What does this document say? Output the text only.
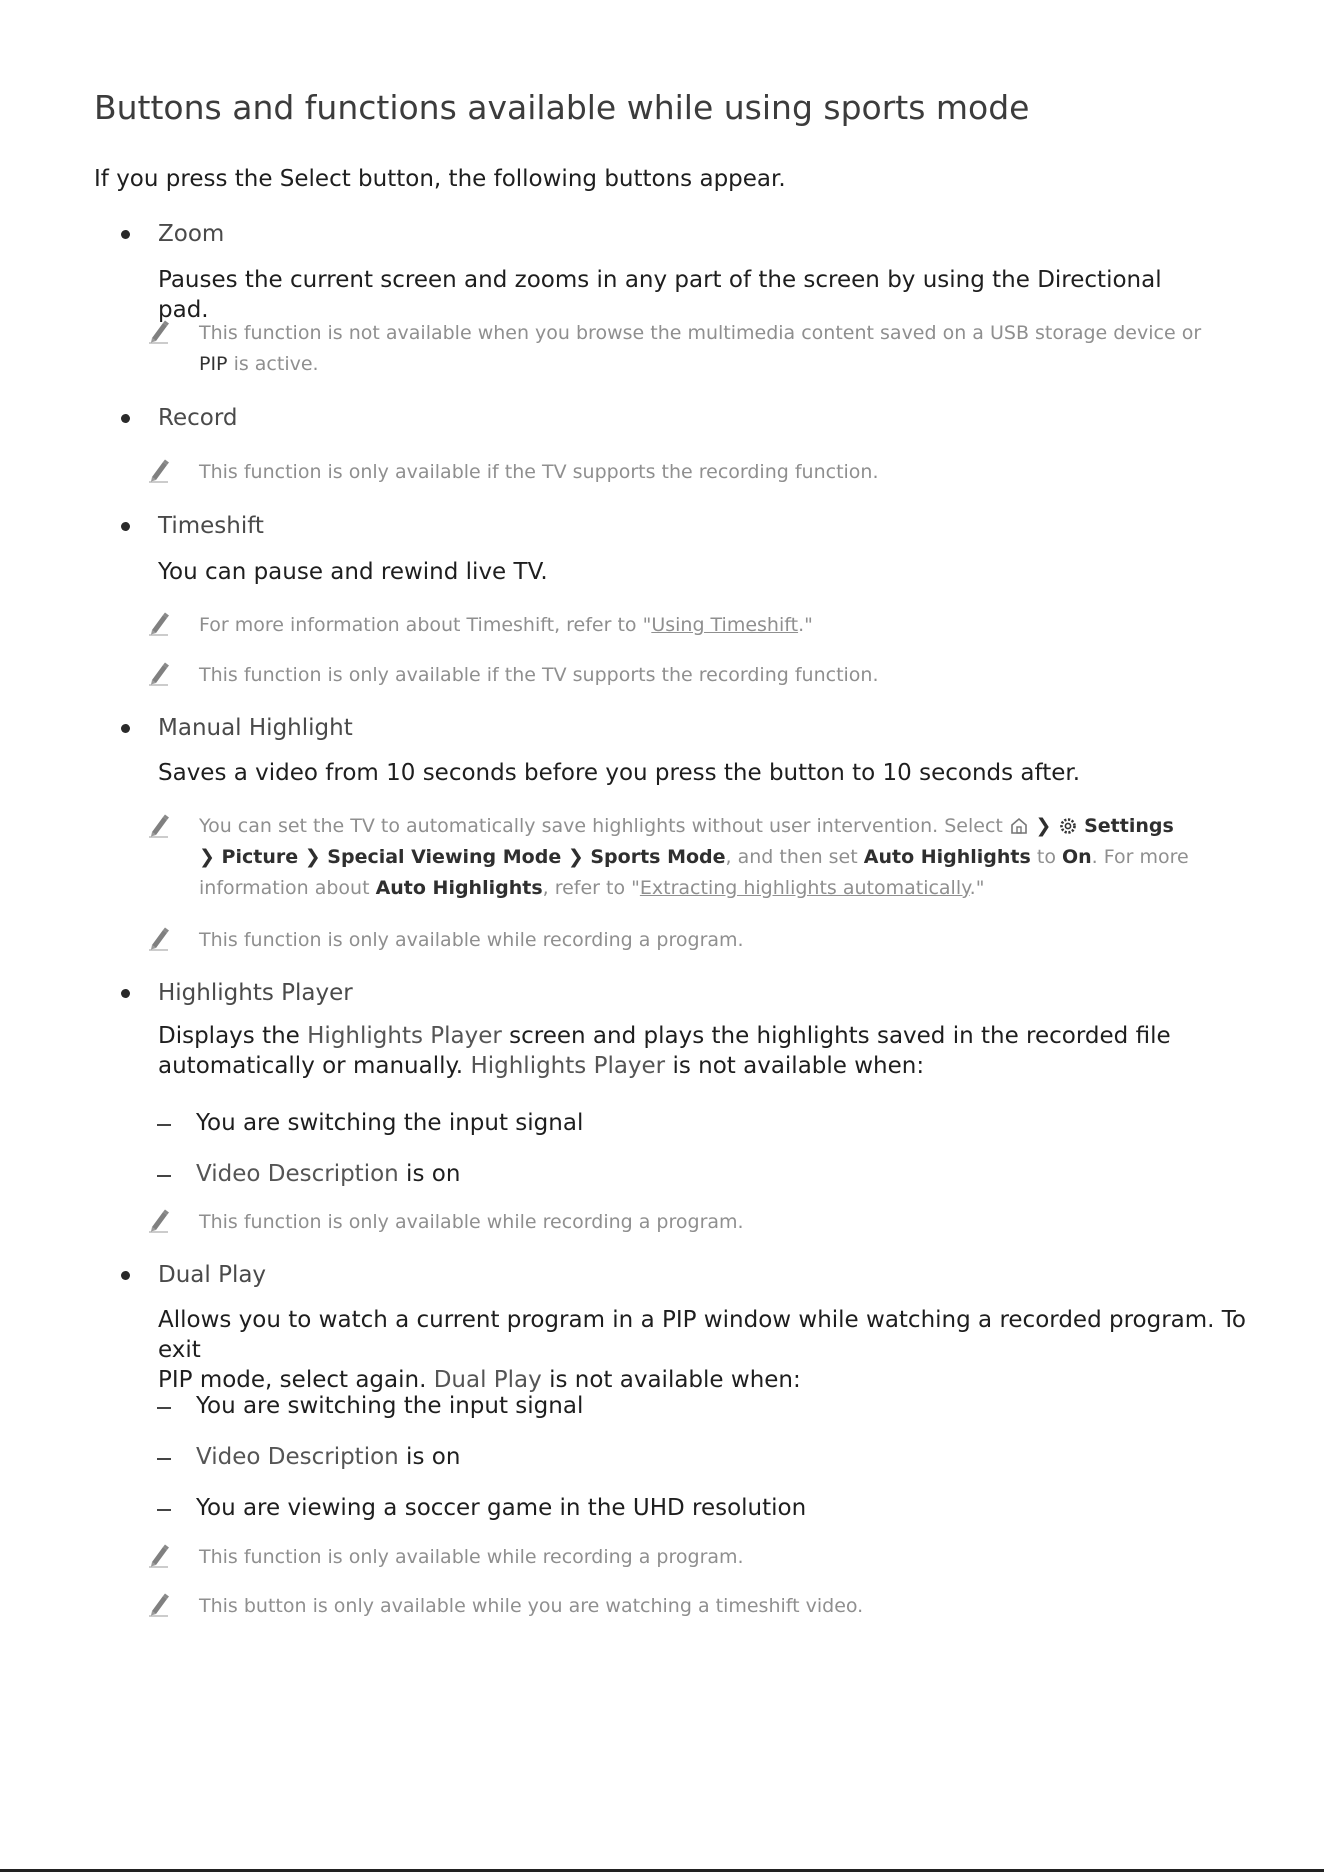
Buttons and functions available while using sports mode

If you press the Select button, the following buttons appear.

Zoom
Pauses the current screen and zooms in any part of the screen by using the Directional pad.
This function is not available when you browse the multimedia content saved on a USB storage device or
PIP is active.
Record
This function is only available if the TV supports the recording function.
Timeshift
You can pause and rewind live TV.
For more information about Timeshift, refer to "Using Timeshift."
This function is only available if the TV supports the recording function.
Manual Highlight
Saves a video from 10 seconds before you press the button to 10 seconds after.
You can set the TV to automatically save highlights without user intervention. Select  ❯  Settings
❯ Picture ❯ Special Viewing Mode ❯ Sports Mode, and then set Auto Highlights to On. For more
information about Auto Highlights, refer to "Extracting highlights automatically."
This function is only available while recording a program.
Highlights Player
Displays the Highlights Player screen and plays the highlights saved in the recorded file
automatically or manually. Highlights Player is not available when:
You are switching the input signal
Video Description is on
This function is only available while recording a program.
Dual Play
Allows you to watch a current program in a PIP window while watching a recorded program. To exit
PIP mode, select again. Dual Play is not available when:
You are switching the input signal
Video Description is on
You are viewing a soccer game in the UHD resolution
This function is only available while recording a program.
This button is only available while you are watching a timeshift video.
